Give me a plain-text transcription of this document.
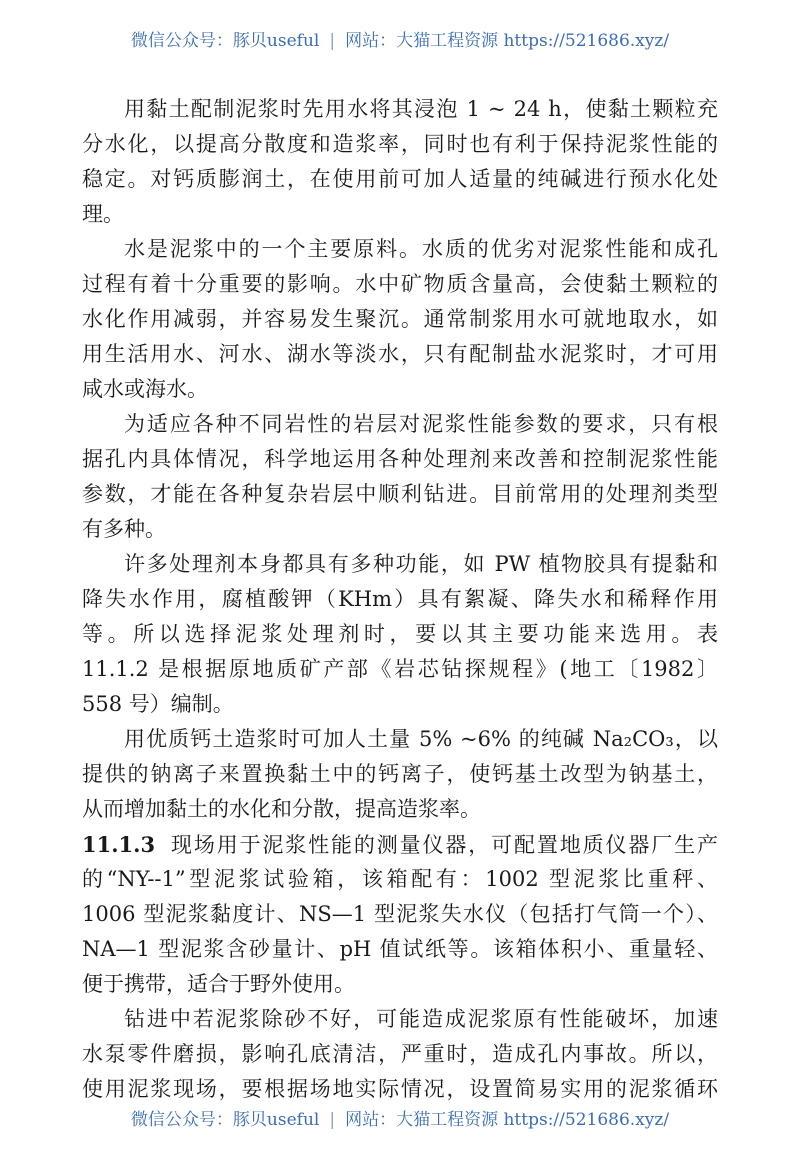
微信公众号：豚贝useful | 网站：大猫工程资源 https://521686.xyz/
用黏土配制泥浆时先用水将其浸泡 1 ~ 24 h，使黏土颗粒充
分水化，以提高分散度和造浆率，同时也有利于保持泥浆性能的
稳定。对钙质膨润土，在使用前可加人适量的纯碱进行预水化处
理。
水是泥浆中的一个主要原料。水质的优劣对泥浆性能和成孔
过程有着十分重要的影响。水中矿物质含量高，会使黏土颗粒的
水化作用减弱，并容易发生聚沉。通常制浆用水可就地取水，如
用生活用水、河水、湖水等淡水，只有配制盐水泥浆时，才可用
咸水或海水。
为适应各种不同岩性的岩层对泥浆性能参数的要求，只有根
据孔内具体情况，科学地运用各种处理剂来改善和控制泥浆性能
参数，才能在各种复杂岩层中顺利钻进。目前常用的处理剂类型
有多种。
许多处理剂本身都具有多种功能，如 PW 植物胶具有提黏和
降失水作用，腐植酸钾（KHm）具有絮凝、降失水和稀释作用
等。所以选择泥浆处理剂时，要以其主要功能来选用。表
11.1.2 是根据原地质矿产部《岩芯钻探规程》(地工〔1982〕
558 号）编制。
用优质钙土造浆时可加人土量 5% ~6% 的纯碱 Na₂CO₃，以
提供的钠离子来置换黏土中的钙离子，使钙基土改型为钠基土，
从而增加黏土的水化和分散，提高造浆率。
11.1.3 现场用于泥浆性能的测量仪器，可配置地质仪器厂生产
的“NY--1”型泥浆试验箱，该箱配有：1002 型泥浆比重秤、
1006 型泥浆黏度计、NS—1 型泥浆失水仪（包括打气筒一个）、
NA—1 型泥浆含砂量计、pH 值试纸等。该箱体积小、重量轻、
便于携带，适合于野外使用。
钻进中若泥浆除砂不好，可能造成泥浆原有性能破坏，加速
水泵零件磨损，影响孔底清洁，严重时，造成孔内事故。所以，
使用泥浆现场，要根据场地实际情况，设置简易实用的泥浆循环
微信公众号：豚贝useful | 网站：大猫工程资源 https://521686.xyz/
